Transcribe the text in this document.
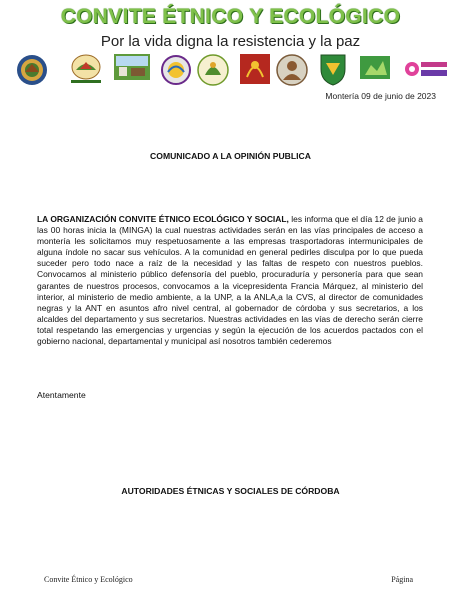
CONVITE ÉTNICO Y ECOLÓGICO
Por la vida digna la resistencia y la paz
Montería 09 de junio de 2023
COMUNICADO A LA OPINIÓN PUBLICA
LA ORGANIZACIÓN CONVITE ÉTNICO ECOLÓGICO Y SOCIAL, les informa que el día 12 de junio a las 00 horas inicia la (MINGA) la cual nuestras actividades serán en las vías principales de acceso a montería les solicitamos muy respetuosamente a las empresas trasportadoras intermunicipales de alguna índole no sacar sus vehículos. A la comunidad en general pedirles disculpa por lo que pueda suceder pero todo nace a raíz de la necesidad y las faltas de respeto con nuestros pueblos. Convocamos al ministerio público defensoría del pueblo, procuraduría y personería para que sean garantes de nuestros procesos, convocamos a la vicepresidenta Francia Márquez, al ministerio del interior, al ministerio de medio ambiente, a la UNP, a la ANLA,a la CVS, al director de comunidades negras y la ANT en asuntos afro nivel central, al gobernador de córdoba y sus secretarios, a los alcaldes del departamento y sus secretarios. Nuestras actividades en las vías de derecho serán cierre total respetando las emergencias y urgencias y según la ejecución de los acuerdos pactados con el gobierno nacional, departamental y municipal así nosotros también cederemos
Atentamente
AUTORIDADES ÉTNICAS Y SOCIALES DE CÓRDOBA
Convite Étnico y Ecológico	Página
